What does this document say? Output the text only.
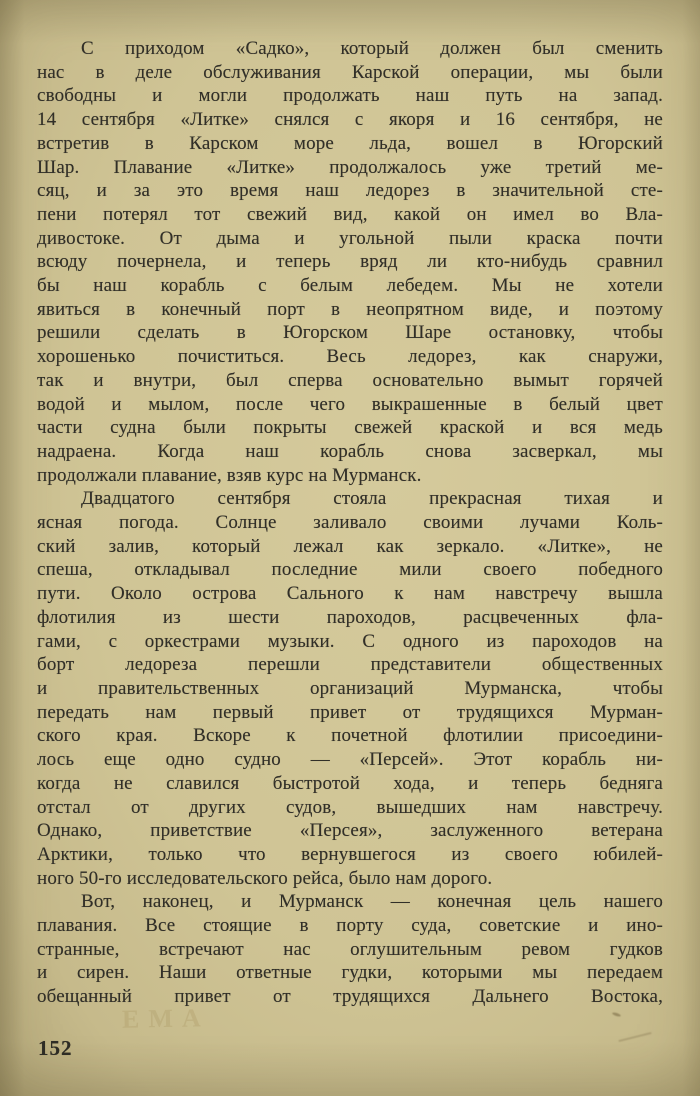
ЕМА
С приходом «Садко», который должен был сменить
нас в деле обслуживания Карской операции, мы были
свободны и могли продолжать наш путь на запад.
14 сентября «Литке» снялся с якоря и 16 сентября, не
встретив в Карском море льда, вошел в Югорский
Шар. Плавание «Литке» продолжалось уже третий ме-
сяц, и за это время наш ледорез в значительной сте-
пени потерял тот свежий вид, какой он имел во Вла-
дивостоке. От дыма и угольной пыли краска почти
всюду почернела, и теперь вряд ли кто-нибудь сравнил
бы наш корабль с белым лебедем. Мы не хотели
явиться в конечный порт в неопрятном виде, и поэтому
решили сделать в Югорском Шаре остановку, чтобы
хорошенько почиститься. Весь ледорез, как снаружи,
так и внутри, был сперва основательно вымыт горячей
водой и мылом, после чего выкрашенные в белый цвет
части судна были покрыты свежей краской и вся медь
надраена. Когда наш корабль снова засверкал, мы
продолжали плавание, взяв курс на Мурманск.
Двадцатого сентября стояла прекрасная тихая и
ясная погода. Солнце заливало своими лучами Коль-
ский залив, который лежал как зеркало. «Литке», не
спеша, откладывал последние мили своего победного
пути. Около острова Сального к нам навстречу вышла
флотилия из шести пароходов, расцвеченных фла-
гами, с оркестрами музыки. С одного из пароходов на
борт ледореза перешли представители общественных
и правительственных организаций Мурманска, чтобы
передать нам первый привет от трудящихся Мурман-
ского края. Вскоре к почетной флотилии присоедини-
лось еще одно судно — «Персей». Этот корабль ни-
когда не славился быстротой хода, и теперь бедняга
отстал от других судов, вышедших нам навстречу.
Однако, приветствие «Персея», заслуженного ветерана
Арктики, только что вернувшегося из своего юбилей-
ного 50-го исследовательского рейса, было нам дорого.
Вот, наконец, и Мурманск — конечная цель нашего
плавания. Все стоящие в порту суда, советские и ино-
странные, встречают нас оглушительным ревом гудков
и сирен. Наши ответные гудки, которыми мы передаем
обещанный привет от трудящихся Дальнего Востока,
152
